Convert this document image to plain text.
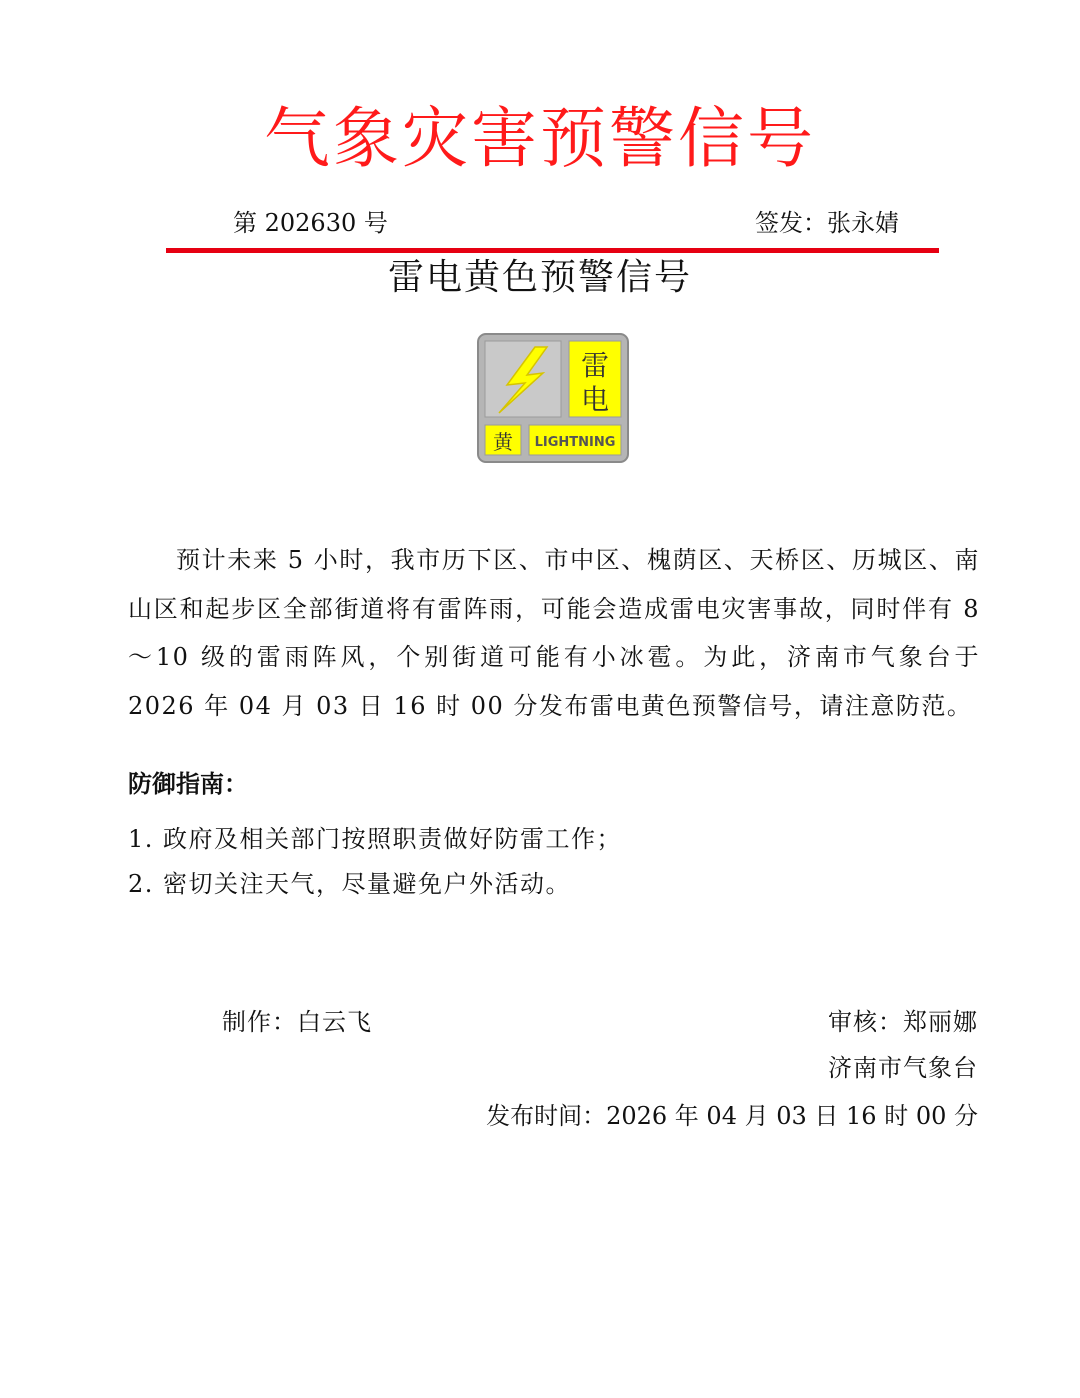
气象灾害预警信号
第 202630 号	签发：张永婧
雷电黄色预警信号
雷
电
黄 LIGHTNING

预计未来 5 小时，我市历下区、市中区、槐荫区、天桥区、历城区、南山区和起步区全部街道将有雷阵雨，可能会造成雷电灾害事故，同时伴有 8～10 级的雷雨阵风，个别街道可能有小冰雹。为此，济南市气象台于 2026 年 04 月 03 日 16 时 00 分发布雷电黄色预警信号，请注意防范。

防御指南：
1. 政府及相关部门按照职责做好防雷工作；
2. 密切关注天气，尽量避免户外活动。
制作：白云飞	审核：郑丽娜
济南市气象台
发布时间：2026 年 04 月 03 日 16 时 00 分
